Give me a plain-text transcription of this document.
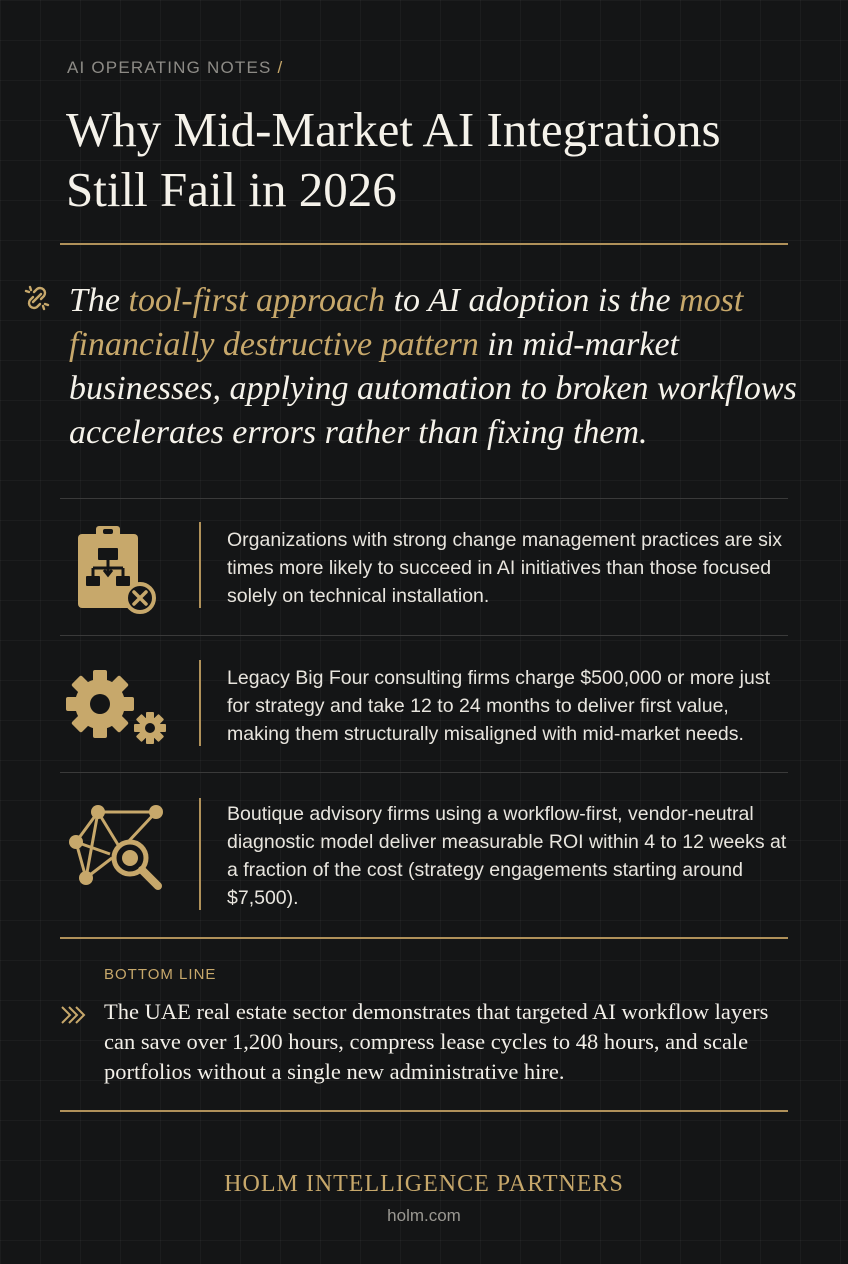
AI OPERATING NOTES /
Why Mid-Market AI Integrations Still Fail in 2026

The tool-first approach to AI adoption is the most financially destructive pattern in mid-market businesses, applying automation to broken workflows accelerates errors rather than fixing them.

Organizations with strong change management practices are six times more likely to succeed in AI initiatives than those focused solely on technical installation.

Legacy Big Four consulting firms charge $500,000 or more just for strategy and take 12 to 24 months to deliver first value, making them structurally misaligned with mid-market needs.

Boutique advisory firms using a workflow-first, vendor-neutral diagnostic model deliver measurable ROI within 4 to 12 weeks at a fraction of the cost (strategy engagements starting around $7,500).

BOTTOM LINE

The UAE real estate sector demonstrates that targeted AI workflow layers can save over 1,200 hours, compress lease cycles to 48 hours, and scale portfolios without a single new administrative hire.

HOLM INTELLIGENCE PARTNERS
holm.com
